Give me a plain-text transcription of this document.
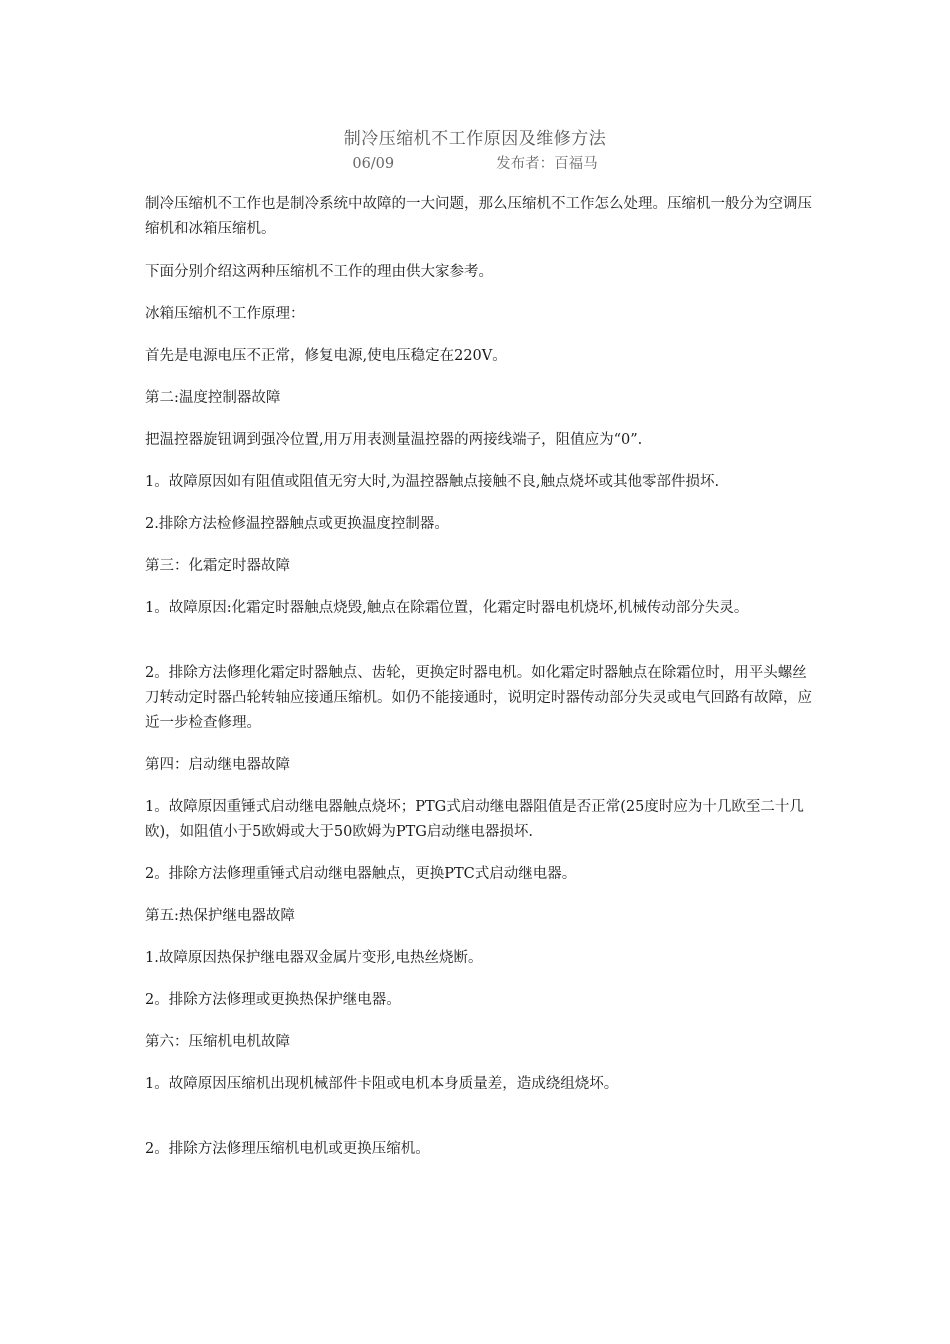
制冷压缩机不工作原因及维修方法
06/09	发布者：百福马

制冷压缩机不工作也是制冷系统中故障的一大问题，那么压缩机不工作怎么处理。压缩机一般分为空调压缩机和冰箱压缩机。

下面分别介绍这两种压缩机不工作的理由供大家参考。

冰箱压缩机不工作原理：

首先是电源电压不正常，修复电源,使电压稳定在220V。

第二:温度控制器故障

把温控器旋钮调到强冷位置,用万用表测量温控器的两接线端子，阻值应为“0”.

1。故障原因如有阻值或阻值无穷大时,为温控器触点接触不良,触点烧坏或其他零部件损坏.

2.排除方法检修温控器触点或更换温度控制器。

第三：化霜定时器故障

1。故障原因:化霜定时器触点烧毁,触点在除霜位置，化霜定时器电机烧坏,机械传动部分失灵。

2。排除方法修理化霜定时器触点、齿轮，更换定时器电机。如化霜定时器触点在除霜位时，用平头螺丝刀转动定时器凸轮转轴应接通压缩机。如仍不能接通时，说明定时器传动部分失灵或电气回路有故障，应近一步检查修理。

第四：启动继电器故障

1。故障原因重锤式启动继电器触点烧坏；PTG式启动继电器阻值是否正常(25度时应为十几欧至二十几欧)，如阻值小于5欧姆或大于50欧姆为PTG启动继电器损坏.

2。排除方法修理重锤式启动继电器触点，更换PTC式启动继电器。

第五:热保护继电器故障

1.故障原因热保护继电器双金属片变形,电热丝烧断。

2。排除方法修理或更换热保护继电器。

第六：压缩机电机故障

1。故障原因压缩机出现机械部件卡阻或电机本身质量差，造成绕组烧坏。

2。排除方法修理压缩机电机或更换压缩机。
